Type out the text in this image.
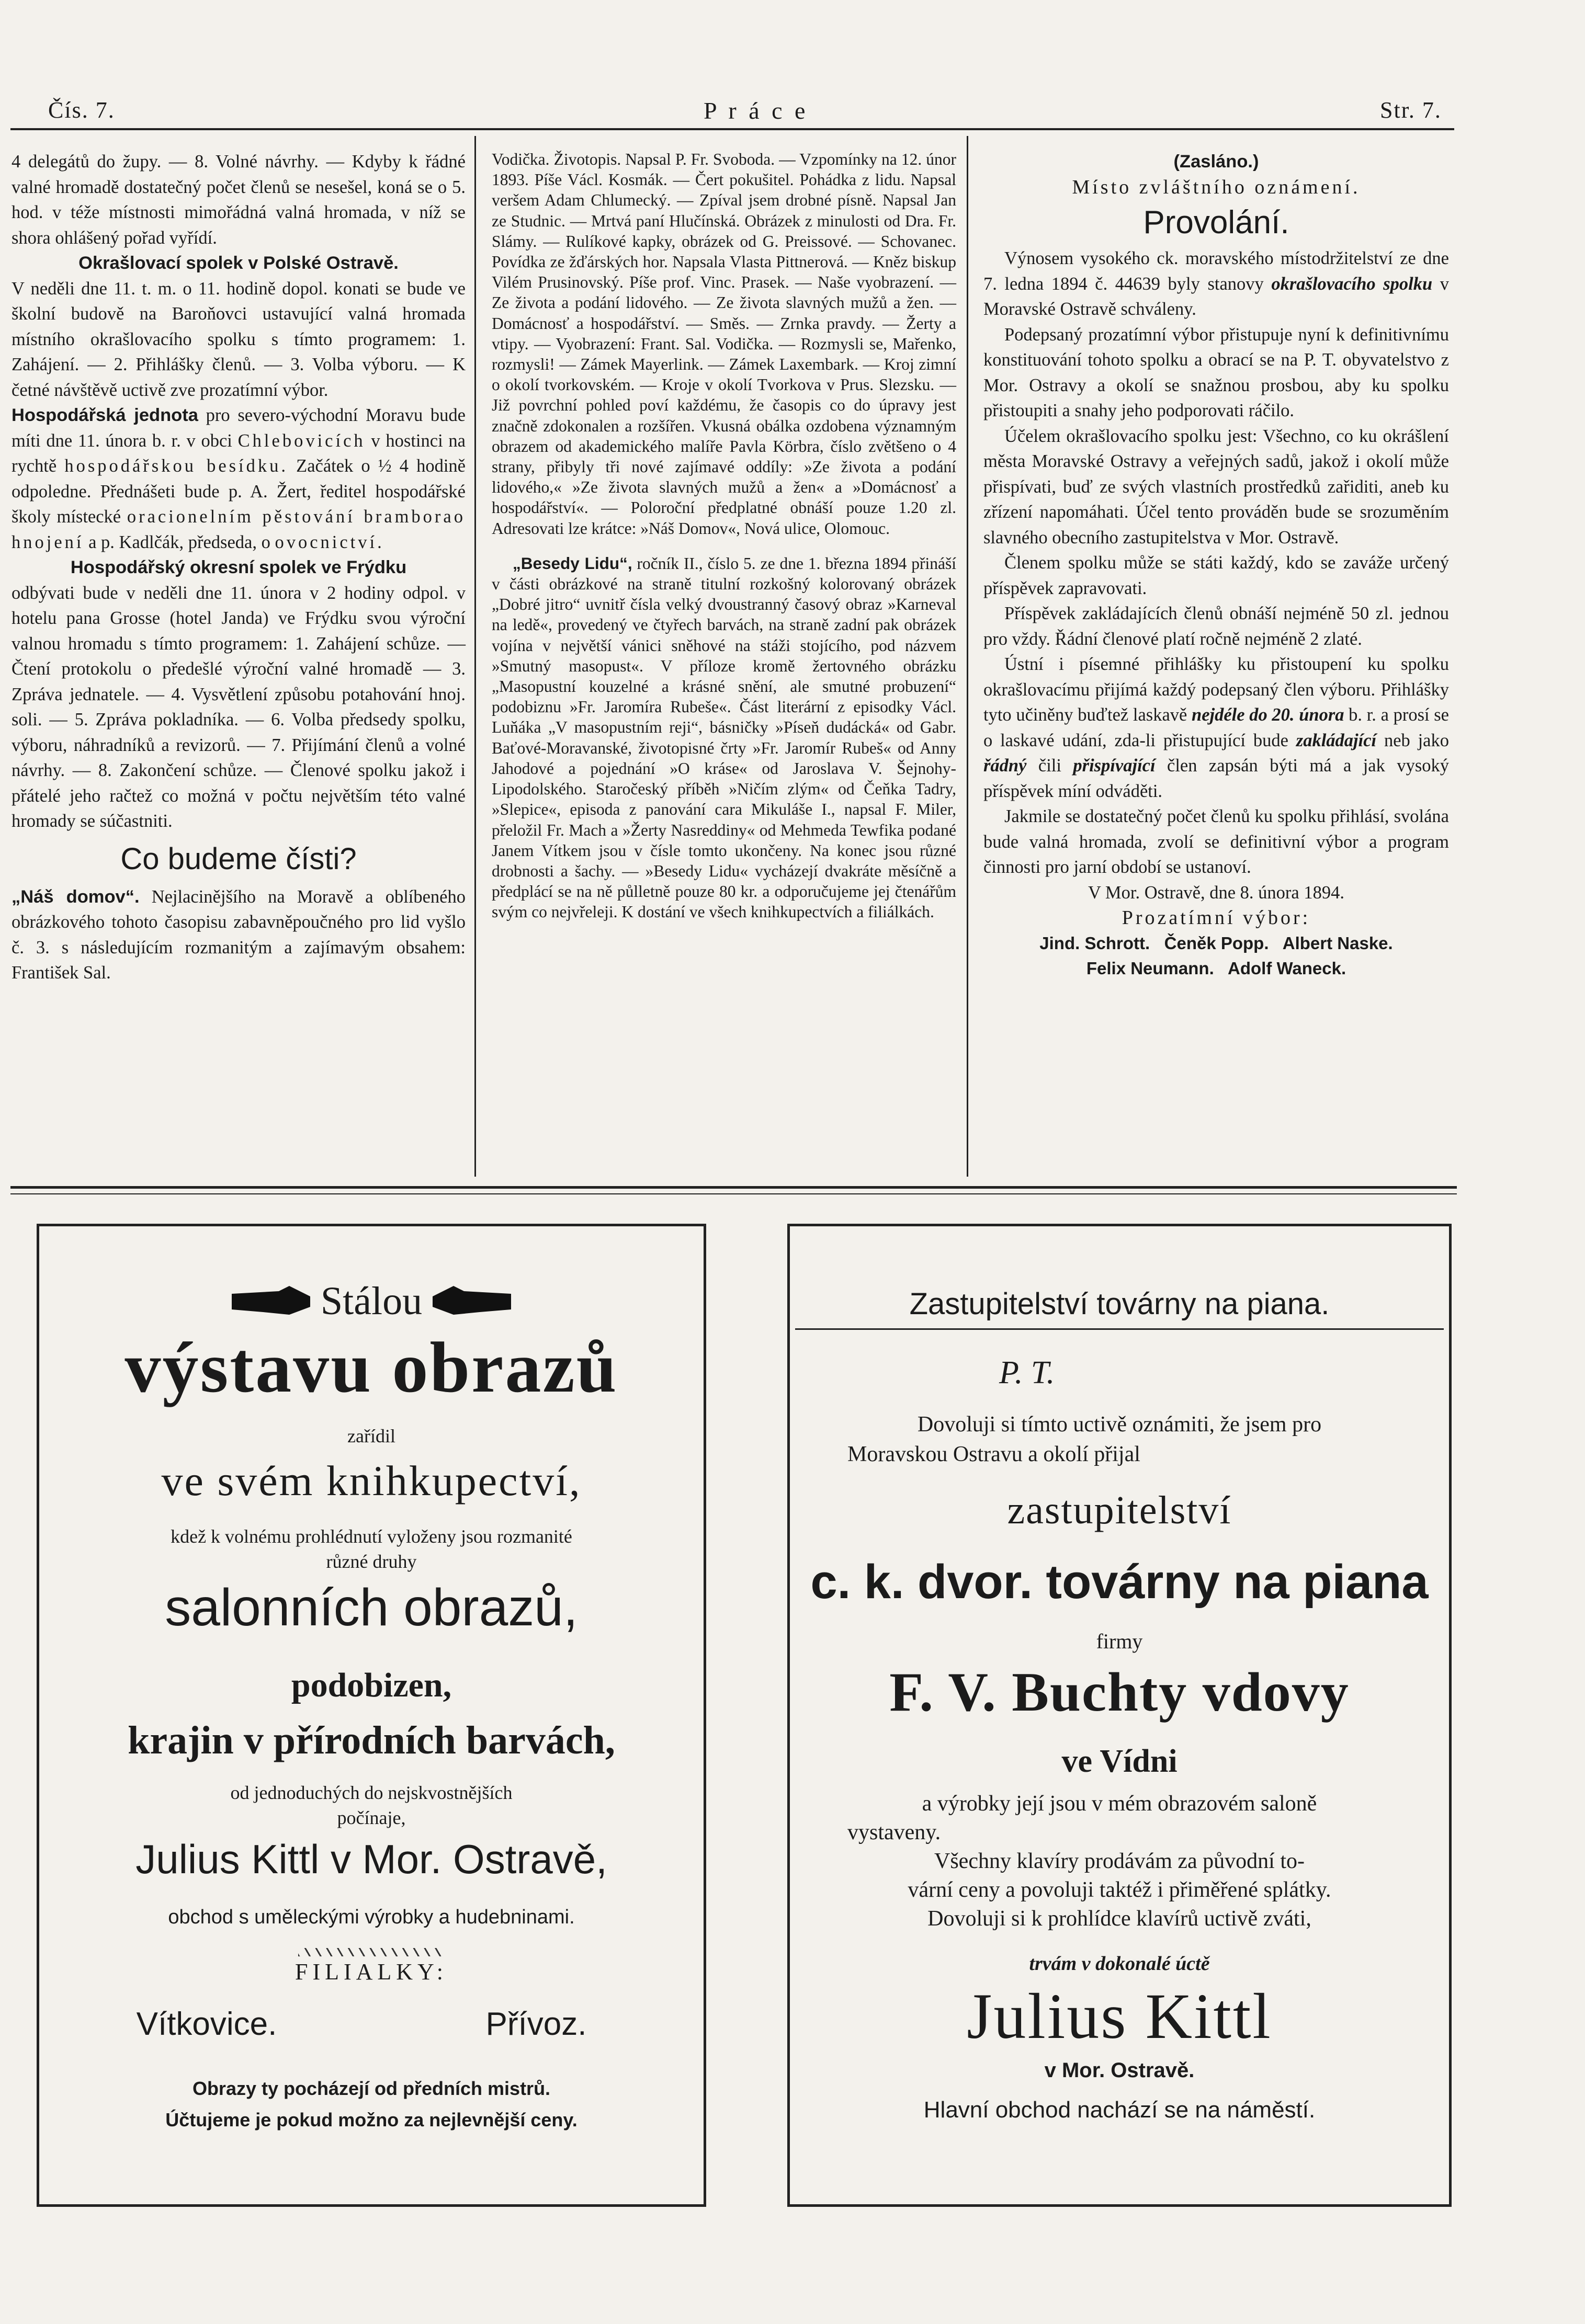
Čís. 7.	P r á c e	Str. 7.

4 delegátů do župy. — 8. Volné návrhy. — Kdyby k řádné valné hromadě dostatečný počet členů se nesešel, koná se o 5. hod. v téže místnosti mimořádná valná hromada, v níž se shora ohlášený pořad vyřídí.

Okrašlovací spolek v Polské Ostravě.

V neděli dne 11. t. m. o 11. hodině dopol. konati se bude ve školní budově na Baroňovci ustavující valná hromada místního okrašlovacího spolku s tímto programem: 1. Zahájení. — 2. Přihlášky členů. — 3. Volba výboru. — K četné návštěvě uctivě zve prozatímní výbor.

Hospodářská jednota pro severo-východní Moravu bude míti dne 11. února b. r. v obci Chlebovicích v hostinci na rychtě hospodářskou besídku. Začátek o ½ 4 hodině odpoledne. Přednášeti bude p. A. Žert, ředitel hospodářské školy místecké oracionelním pěstování bramborao hnojení a p. Kadlčák, předseda, o ovocnictví.

Hospodářský okresní spolek ve Frýdku

odbývati bude v neděli dne 11. února v 2 hodiny odpol. v hotelu pana Grosse (hotel Janda) ve Frýdku svou výroční valnou hromadu s tímto programem: 1. Zahájení schůze. — Čtení protokolu o předešlé výroční valné hromadě — 3. Zpráva jednatele. — 4. Vysvětlení způsobu potahování hnoj. soli. — 5. Zpráva pokladníka. — 6. Volba předsedy spolku, výboru, náhradníků a revizorů. — 7. Přijímání členů a volné návrhy. — 8. Zakončení schůze. — Členové spolku jakož i přátelé jeho račtež co možná v počtu největším této valné hromady se súčastniti.

Co budeme čísti?

„Náš domov“. Nejlacinějšího na Moravě a oblíbeného obrázkového tohoto časopisu zabavněpoučného pro lid vyšlo č. 3. s následujícím rozmanitým a zajímavým obsahem: František Sal.

Vodička. Životopis. Napsal P. Fr. Svoboda. — Vzpomínky na 12. únor 1893. Píše Václ. Kosmák. — Čert pokušitel. Pohádka z lidu. Napsal veršem Adam Chlumecký. — Zpíval jsem drobné písně. Napsal Jan ze Studnic. — Mrtvá paní Hlučínská. Obrázek z minulosti od Dra. Fr. Slámy. — Rulíkové kapky, obrázek od G. Preissové. — Schovanec. Povídka ze žďárských hor. Napsala Vlasta Pittnerová. — Kněz biskup Vilém Prusinovský. Píše prof. Vinc. Prasek. — Naše vyobrazení. — Ze života a podání lidového. — Ze života slavných mužů a žen. — Domácnosť a hospodářství. — Směs. — Zrnka pravdy. — Žerty a vtipy. — Vyobrazení: Frant. Sal. Vodička. — Rozmysli se, Mařenko, rozmysli! — Zámek Mayerlink. — Zámek Laxembark. — Kroj zimní o okolí tvorkovském. — Kroje v okolí Tvorkova v Prus. Slezsku. — Již povrchní pohled poví každému, že časopis co do úpravy jest značně zdokonalen a rozšířen. Vkusná obálka ozdobena významným obrazem od akademického malíře Pavla Körbra, číslo zvětšeno o 4 strany, přibyly tři nové zajímavé oddíly: »Ze života a podání lidového,« »Ze života slavných mužů a žen« a »Domácnosť a hospodářství«. — Poloroční předplatné obnáší pouze 1.20 zl. Adresovati lze krátce: »Náš Domov«, Nová ulice, Olomouc.

„Besedy Lidu“, ročník II., číslo 5. ze dne 1. března 1894 přináší v části obrázkové na straně titulní rozkošný kolorovaný obrázek „Dobré jitro“ uvnitř čísla velký dvoustranný časový obraz »Karneval na ledě«, provedený ve čtyřech barvách, na straně zadní pak obrázek vojína v největší vánici sněhové na stáži stojícího, pod názvem »Smutný masopust«. V příloze kromě žertovného obrázku „Masopustní kouzelné a krásné snění, ale smutné probuzení“ podobiznu »Fr. Jaromíra Rubeše«. Část literární z episodky Václ. Luňáka „V masopustním reji“, básničky »Píseň dudácká« od Gabr. Baťové-Moravanské, životopisné črty »Fr. Jaromír Rubeš« od Anny Jahodové a pojednání »O kráse« od Jaroslava V. Šejnohy-Lipodolského. Staročeský příběh »Ničím zlým« od Čeňka Tadry, »Slepice«, episoda z panování cara Mikuláše I., napsal F. Miler, přeložil Fr. Mach a »Žerty Nasreddiny« od Mehmeda Tewfika podané Janem Vítkem jsou v čísle tomto ukončeny. Na konec jsou různé drobnosti a šachy. — »Besedy Lidu« vycházejí dvakráte měsíčně a předplácí se na ně půlletně pouze 80 kr. a odporučujeme jej čtenářům svým co nejvřeleji. K dostání ve všech knihkupectvích a filiálkách.

(Zasláno.)

Místo zvláštního oznámení.

Provolání.

Výnosem vysokého ck. moravského místodržitelství ze dne 7. ledna 1894 č. 44639 byly stanovy okrašlovacího spolku v Moravské Ostravě schváleny.

Podepsaný prozatímní výbor přistupuje nyní k definitivnímu konstituování tohoto spolku a obrací se na P. T. obyvatelstvo z Mor. Ostravy a okolí se snažnou prosbou, aby ku spolku přistoupiti a snahy jeho podporovati ráčilo.

Účelem okrašlovacího spolku jest: Všechno, co ku okrášlení města Moravské Ostravy a veřejných sadů, jakož i okolí může přispívati, buď ze svých vlastních prostředků zařiditi, aneb ku zřízení napomáhati. Účel tento prováděn bude se srozuměním slavného obecního zastupitelstva v Mor. Ostravě.

Členem spolku může se státi každý, kdo se zaváže určený příspěvek zapravovati.

Příspěvek zakládajících členů obnáší nejméně 50 zl. jednou pro vždy. Řádní členové platí ročně nejméně 2 zlaté.

Ústní i písemné přihlášky ku přistoupení ku spolku okrašlovacímu přijímá každý podepsaný člen výboru. Přihlášky tyto učiněny buďtež laskavě nejdéle do 20. února b. r. a prosí se o laskavé udání, zda-li přistupující bude zakládající neb jako řádný čili přispívající člen zapsán býti má a jak vysoký příspěvek míní odváděti.

Jakmile se dostatečný počet členů ku spolku přihlásí, svolána bude valná hromada, zvolí se definitivní výbor a program činnosti pro jarní období se ustanoví.

V Mor. Ostravě, dne 8. února 1894.

Prozatímní výbor:

Jind. Schrott.   Čeněk Popp.   Albert Naske.

Felix Neumann.   Adolf Waneck.

Stálou
výstavu obrazů
zařídil
ve svém knihkupectví,
kdež k volnému prohlédnutí vyloženy jsou rozmanité
různé druhy
salonních obrazů,
podobizen,
krajin v přírodních barvách,
od jednoduchých do nejskvostnějších
počínaje,
Julius Kittl v Mor. Ostravě,
obchod s uměleckými výrobky a hudebninami.
FILIALKY:
Vítkovice.	Přívoz.
Obrazy ty pocházejí od předních mistrů.
Účtujeme je pokud možno za nejlevnější ceny.
Zastupitelství továrny na piana.
P. T.
Dovoluji si tímto uctivě oznámiti, že jsem pro
Moravskou Ostravu a okolí přijal
zastupitelství
c. k. dvor. továrny na piana
firmy
F. V. Buchty vdovy
ve Vídni
a výrobky její jsou v mém obrazovém saloně
vystaveny.
Všechny klavíry prodávám za původní to-
vární ceny a povoluji taktéž i přiměřené splátky.
Dovoluji si k prohlídce klavírů uctivě zváti,
trvám v dokonalé úctě
Julius Kittl
v Mor. Ostravě.
Hlavní obchod nachází se na náměstí.
